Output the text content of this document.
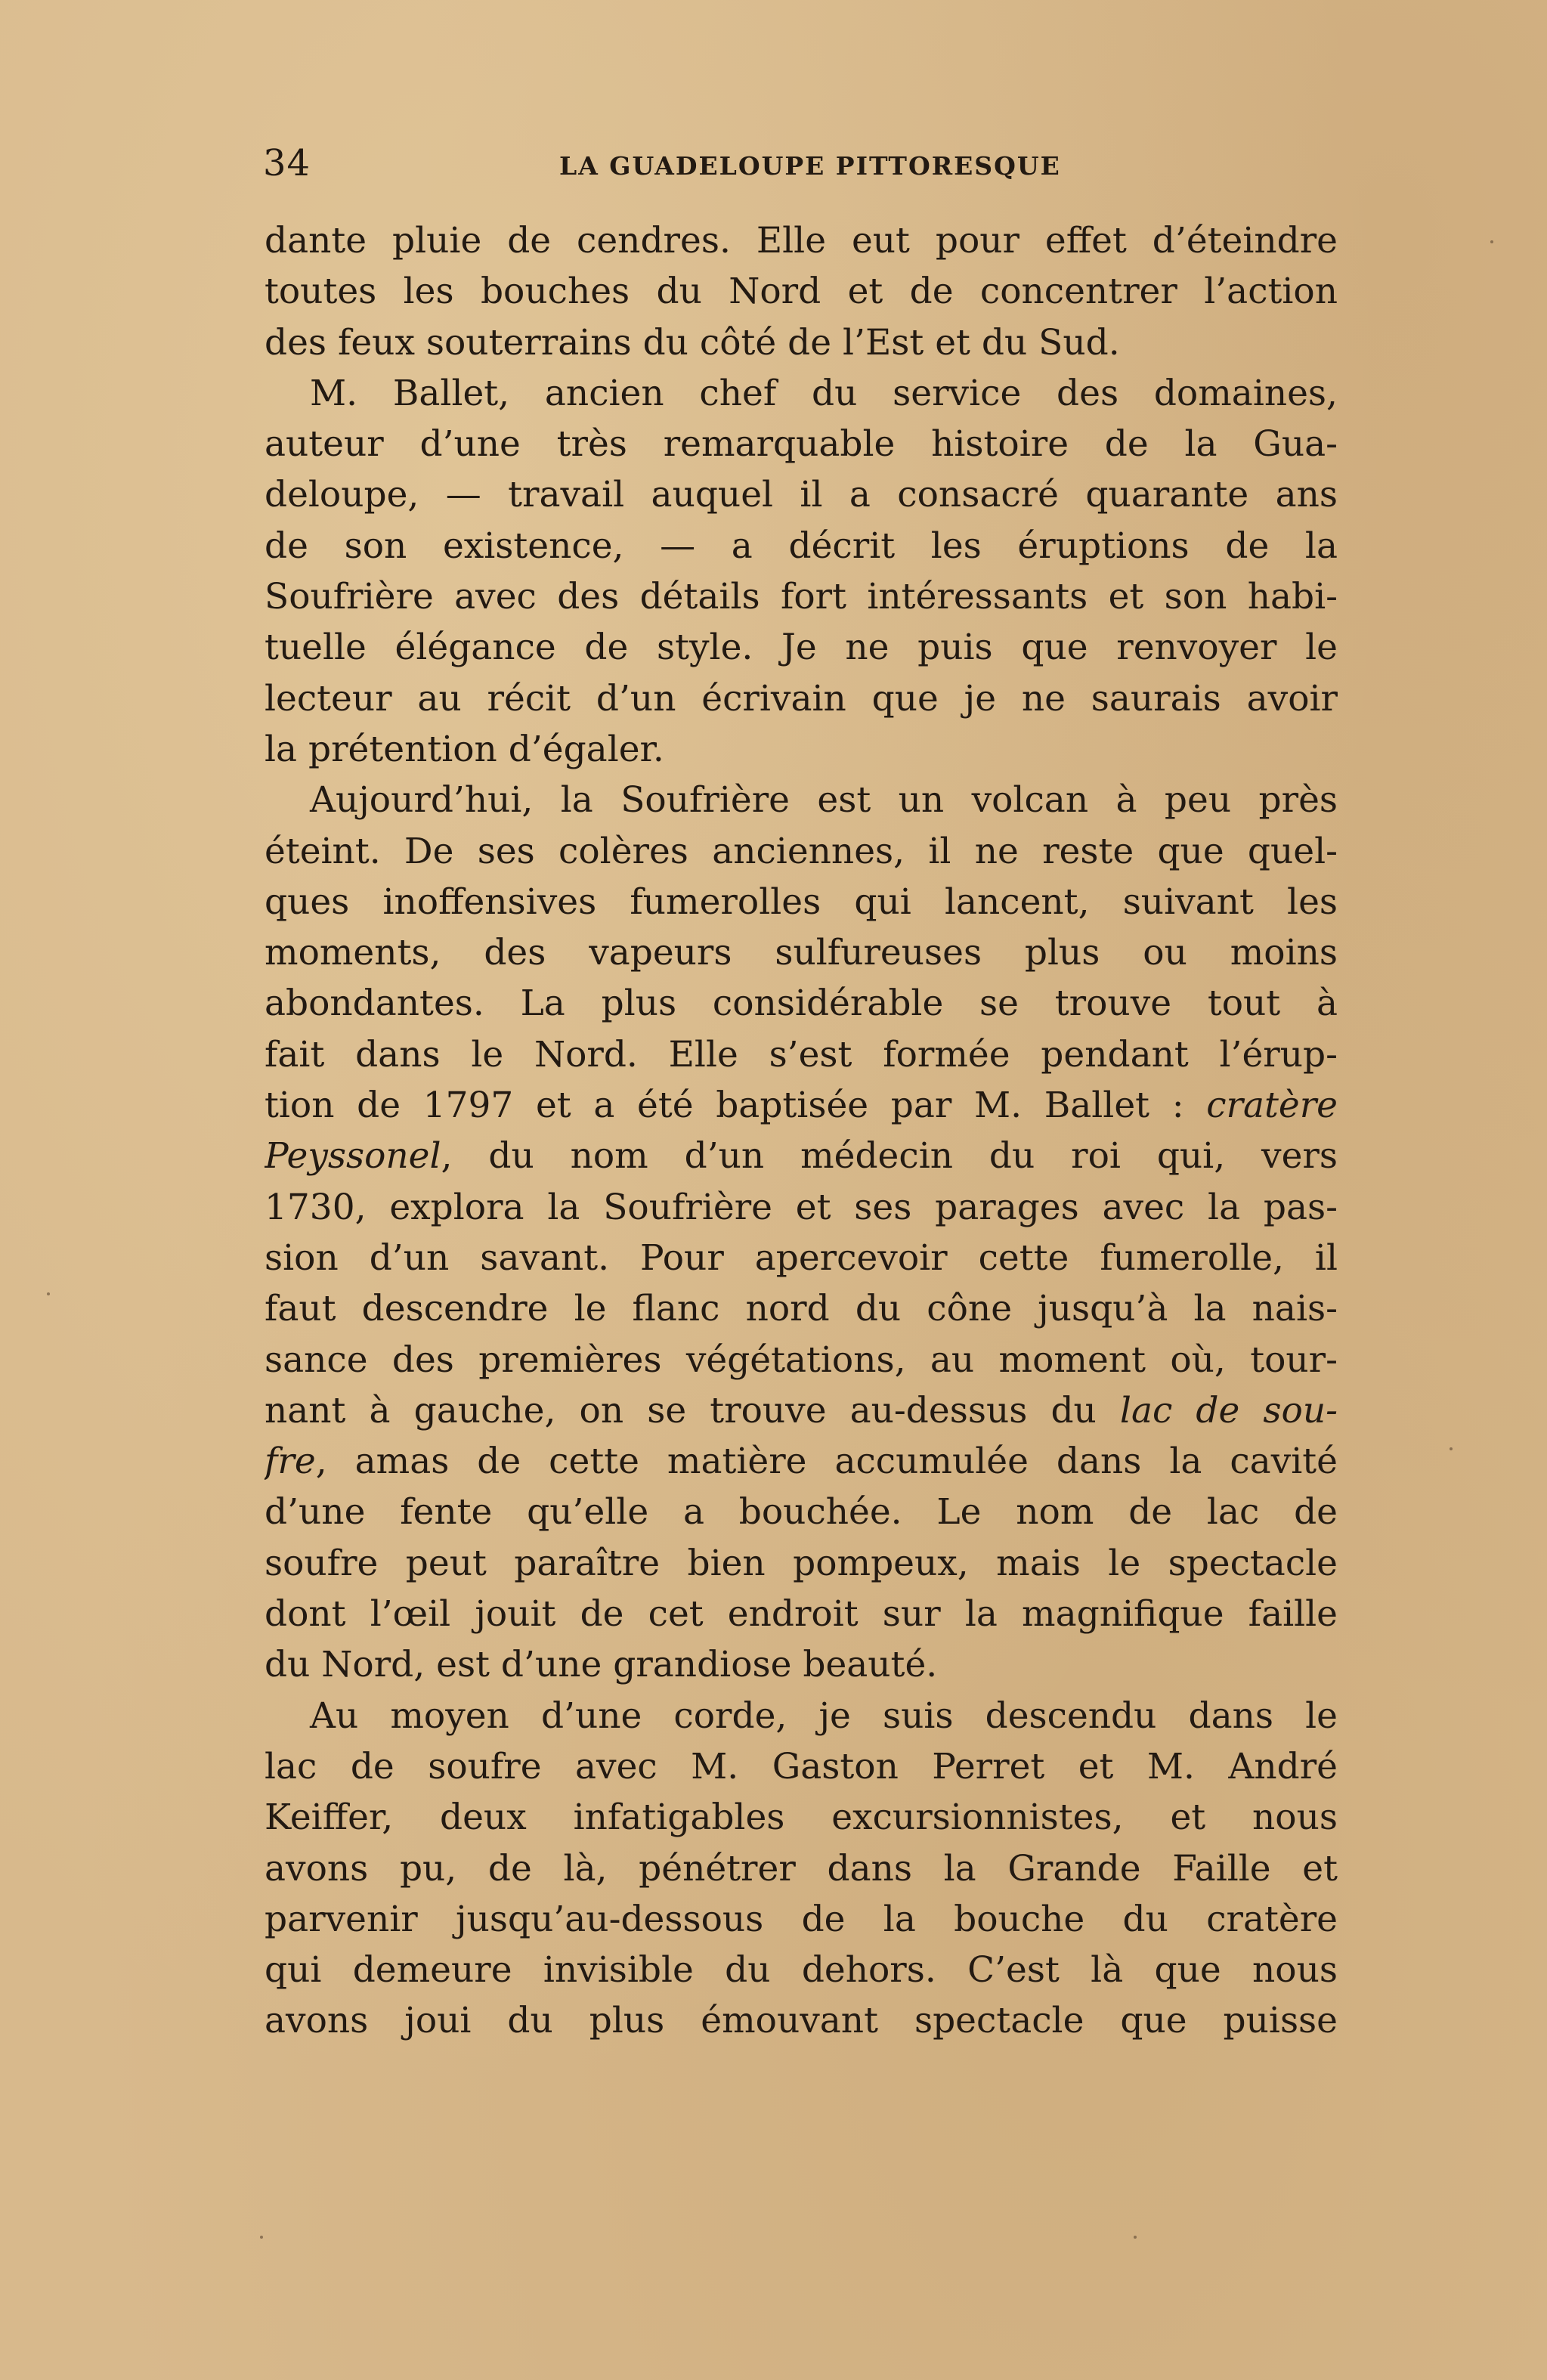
34	LA GUADELOUPE PITTORESQUE
dante pluie de cendres. Elle eut pour effet d’éteindre
toutes les bouches du Nord et de concentrer l’action
des feux souterrains du côté de l’Est et du Sud.
M. Ballet, ancien chef du service des domaines,
auteur d’une très remarquable histoire de la Gua-
deloupe, — travail auquel il a consacré quarante ans
de son existence, — a décrit les éruptions de la
Soufrière avec des détails fort intéressants et son habi-
tuelle élégance de style. Je ne puis que renvoyer le
lecteur au récit d’un écrivain que je ne saurais avoir
la prétention d’égaler.
Aujourd’hui, la Soufrière est un volcan à peu près
éteint. De ses colères anciennes, il ne reste que quel-
ques inoffensives fumerolles qui lancent, suivant les
moments, des vapeurs sulfureuses plus ou moins
abondantes. La plus considérable se trouve tout à
fait dans le Nord. Elle s’est formée pendant l’érup-
tion de 1797 et a été baptisée par M. Ballet : cratère
Peyssonel, du nom d’un médecin du roi qui, vers
1730, explora la Soufrière et ses parages avec la pas-
sion d’un savant. Pour apercevoir cette fumerolle, il
faut descendre le flanc nord du cône jusqu’à la nais-
sance des premières végétations, au moment où, tour-
nant à gauche, on se trouve au-dessus du lac de sou-
fre, amas de cette matière accumulée dans la cavité
d’une fente qu’elle a bouchée. Le nom de lac de
soufre peut paraître bien pompeux, mais le spectacle
dont l’œil jouit de cet endroit sur la magnifique faille
du Nord, est d’une grandiose beauté.
Au moyen d’une corde, je suis descendu dans le
lac de soufre avec M. Gaston Perret et M. André
Keiffer, deux infatigables excursionnistes, et nous
avons pu, de là, pénétrer dans la Grande Faille et
parvenir jusqu’au-dessous de la bouche du cratère
qui demeure invisible du dehors. C’est là que nous
avons joui du plus émouvant spectacle que puisse
